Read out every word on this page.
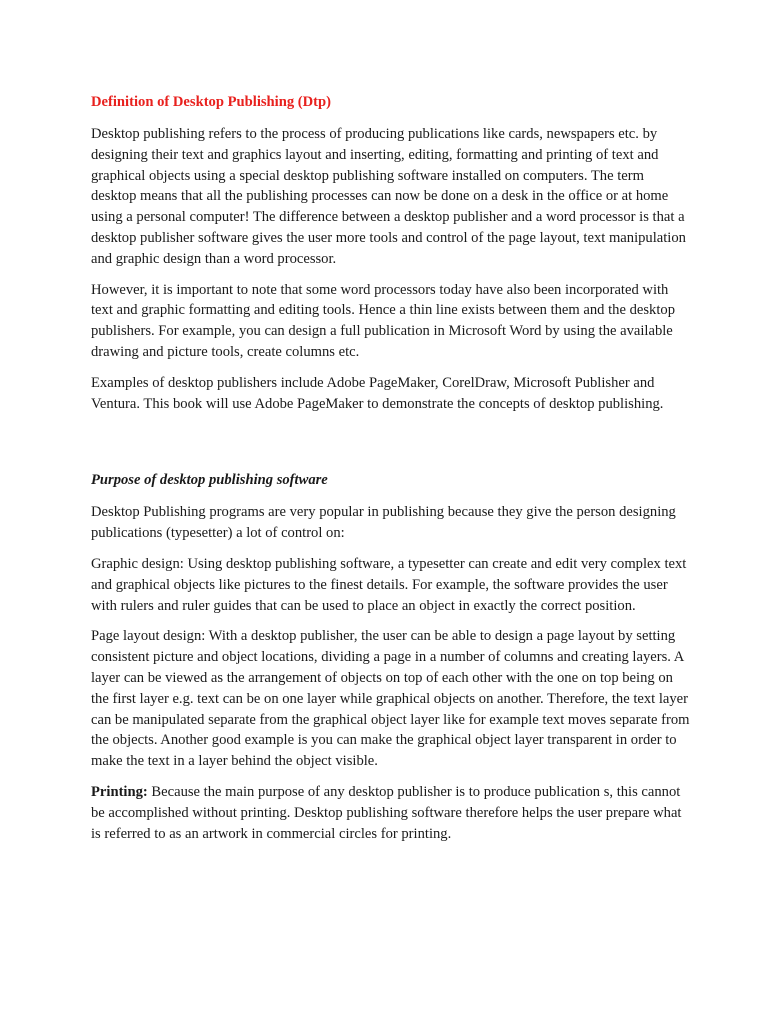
Definition of Desktop Publishing (Dtp)

Desktop publishing refers to the process of producing publications like cards, newspapers etc. by designing their text and graphics layout and inserting, editing, formatting and printing of text and graphical objects using a special desktop publishing software installed on computers. The term desktop means that all the publishing processes can now be done on a desk in the office or at home using a personal computer! The difference between a desktop publisher and a word processor is that a desktop publisher software gives the user more tools and control of the page layout, text manipulation and graphic design than a word processor.

However, it is important to note that some word processors today have also been incorporated with text and graphic formatting and editing tools. Hence a thin line exists between them and the desktop publishers. For example, you can design a full publication in Microsoft Word by using the available drawing and picture tools, create columns etc.

Examples of desktop publishers include Adobe PageMaker, CorelDraw, Microsoft Publisher and Ventura. This book will use Adobe PageMaker to demonstrate the concepts of desktop publishing.

Purpose of desktop publishing software

Desktop Publishing programs are very popular in publishing because they give the person designing publications (typesetter) a lot of control on:

Graphic design: Using desktop publishing software, a typesetter can create and edit very complex text and graphical objects like pictures to the finest details. For example, the software provides the user with rulers and ruler guides that can be used to place an object in exactly the correct position.

Page layout design: With a desktop publisher, the user can be able to design a page layout by setting consistent picture and object locations, dividing a page in a number of columns and creating layers. A layer can be viewed as the arrangement of objects on top of each other with the one on top being on the first layer e.g. text can be on one layer while graphical objects on another. Therefore, the text layer can be manipulated separate from the graphical object layer like for example text moves separate from the objects. Another good example is you can make the graphical object layer transparent in order to make the text in a layer behind the object visible.

Printing: Because the main purpose of any desktop publisher is to produce publication s, this cannot be accomplished without printing. Desktop publishing software therefore helps the user prepare what is referred to as an artwork in commercial circles for printing.
